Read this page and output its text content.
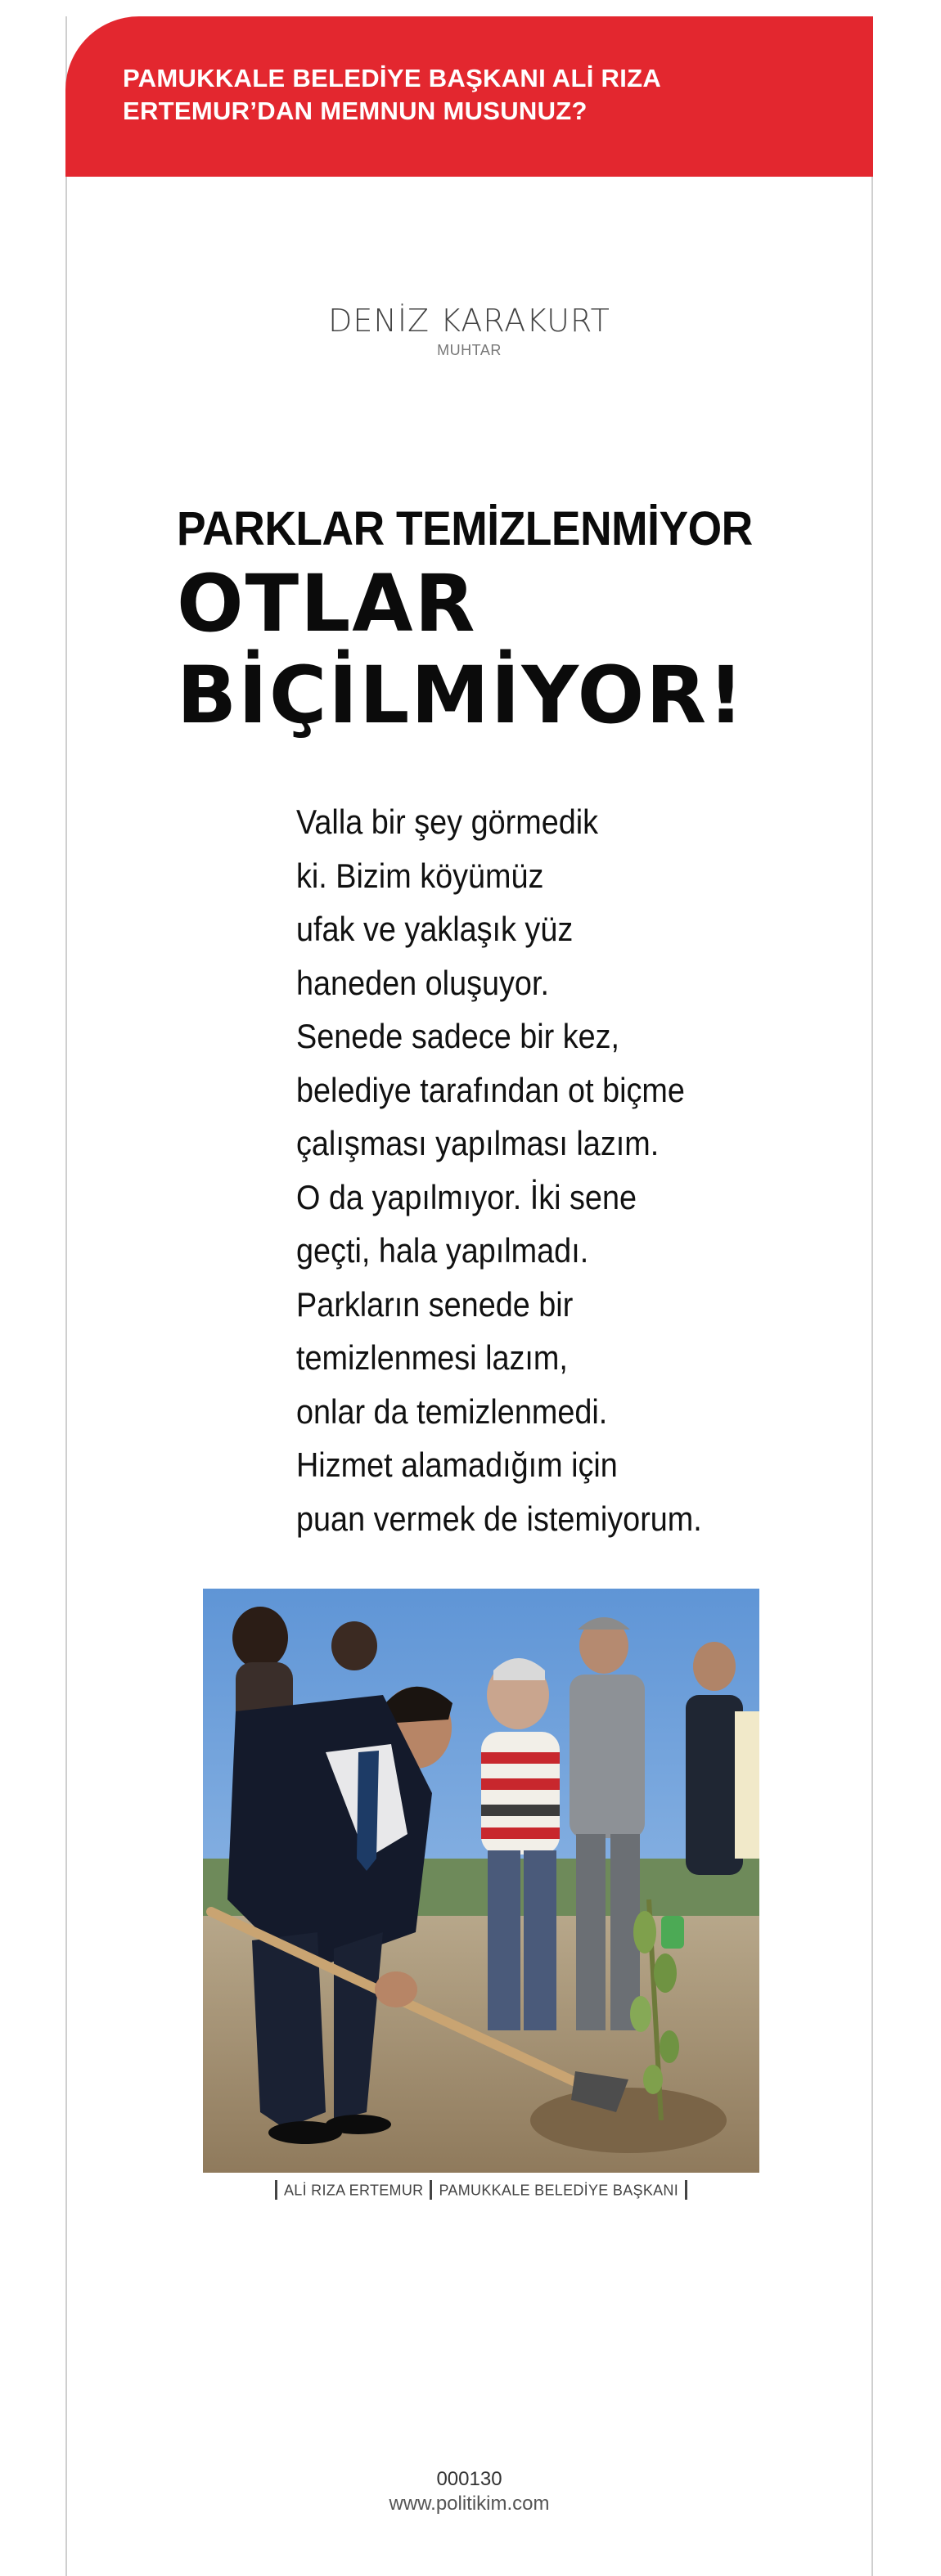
PAMUKKALE BELEDİYE BAŞKANI ALİ RIZA
ERTEMUR’DAN MEMNUN MUSUNUZ?

DENİZ KARAKURT
MUHTAR
PARKLAR TEMİZLENMİYOR
OTLAR
BİÇİLMİYOR!
Valla bir şey görmedik
ki. Bizim köyümüz
ufak ve yaklaşık yüz
haneden oluşuyor.
Senede sadece bir kez,
belediye tarafından ot biçme
çalışması yapılması lazım.
O da yapılmıyor. İki sene
geçti, hala yapılmadı.
Parkların senede bir
temizlenmesi lazım,
onlar da temizlenmedi.
Hizmet alamadığım için
puan vermek de istemiyorum.
ALİ RIZA ERTEMUR PAMUKKALE BELEDİYE BAŞKANI
000130
www.politikim.com
